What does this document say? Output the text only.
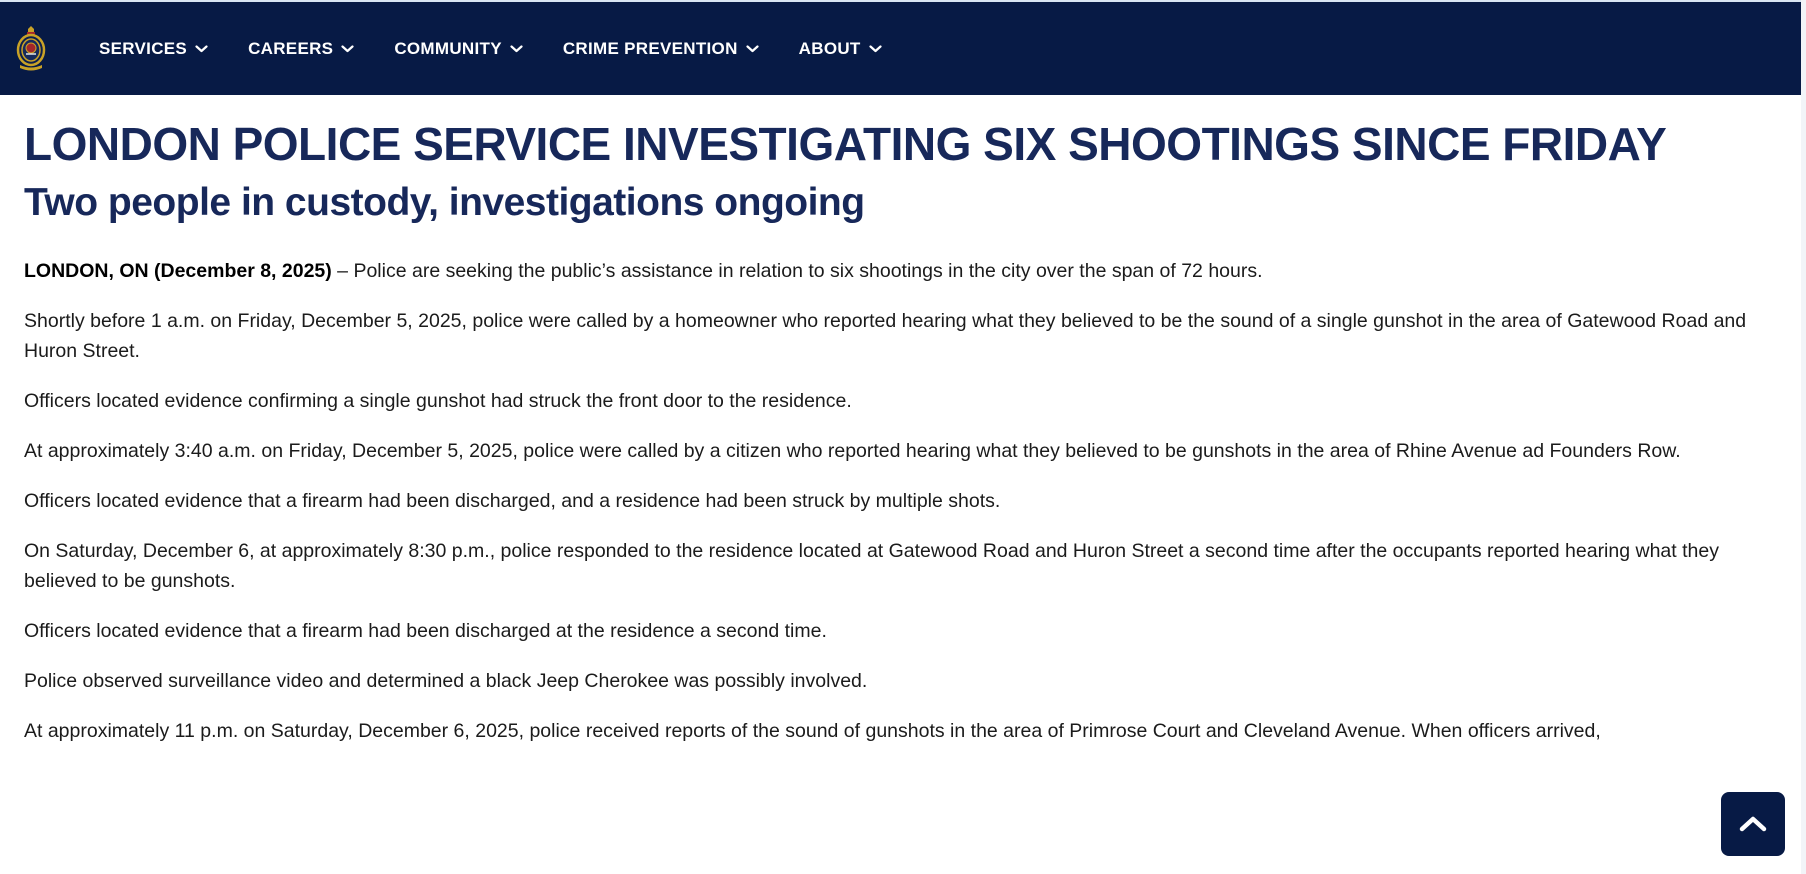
SERVICES	CAREERS	COMMUNITY	CRIME PREVENTION	ABOUT
LONDON POLICE SERVICE INVESTIGATING SIX SHOOTINGS SINCE FRIDAY
Two people in custody, investigations ongoing

LONDON, ON (December 8, 2025) – Police are seeking the public’s assistance in relation to six shootings in the city over the span of 72 hours.

Shortly before 1 a.m. on Friday, December 5, 2025, police were called by a homeowner who reported hearing what they believed to be the sound of a single gunshot in the area of Gatewood Road and Huron Street.

Officers located evidence confirming a single gunshot had struck the front door to the residence.

At approximately 3:40 a.m. on Friday, December 5, 2025, police were called by a citizen who reported hearing what they believed to be gunshots in the area of Rhine Avenue ad Founders Row.

Officers located evidence that a firearm had been discharged, and a residence had been struck by multiple shots.

On Saturday, December 6, at approximately 8:30 p.m., police responded to the residence located at Gatewood Road and Huron Street a second time after the occupants reported hearing what they believed to be gunshots.

Officers located evidence that a firearm had been discharged at the residence a second time.

Police observed surveillance video and determined a black Jeep Cherokee was possibly involved.

At approximately 11 p.m. on Saturday, December 6, 2025, police received reports of the sound of gunshots in the area of Primrose Court and Cleveland Avenue. When officers arrived,
